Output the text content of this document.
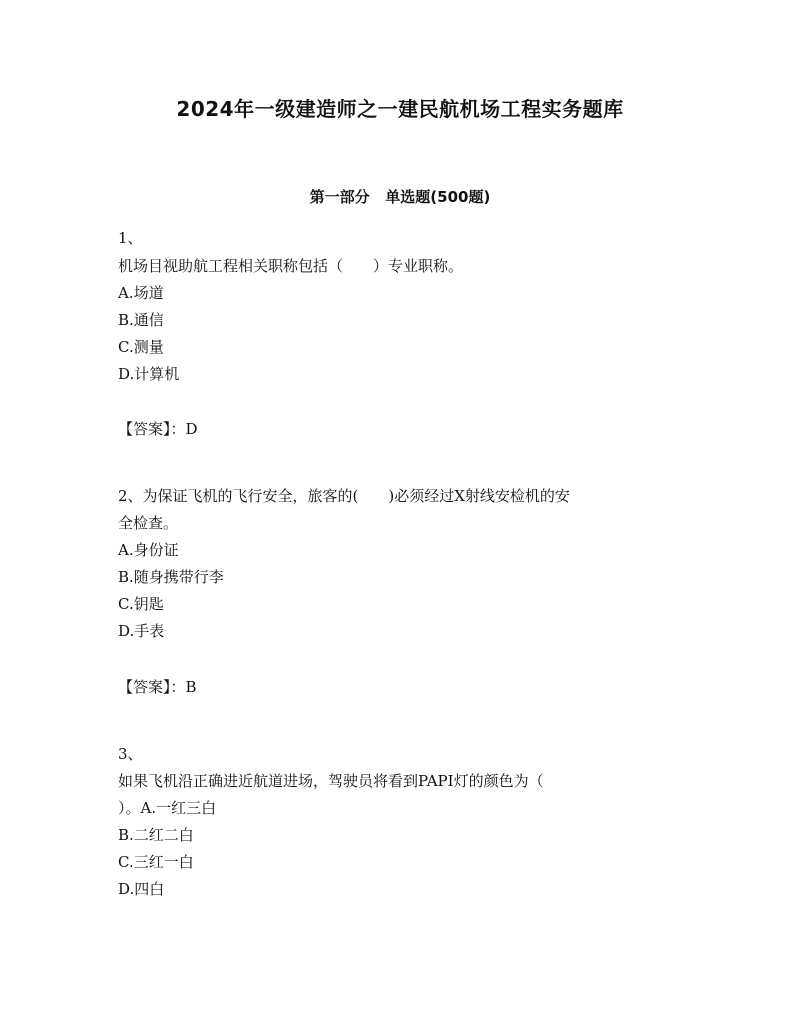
2024年一级建造师之一建民航机场工程实务题库
第一部分   单选题(500题)
1、
机场目视助航工程相关职称包括（　　）专业职称。
A.场道
B.通信
C.测量
D.计算机
【答案】：D
2、为保证飞机的飞行安全，旅客的(　　)必须经过X射线安检机的安
全检查。
A.身份证
B.随身携带行李
C.钥匙
D.手表
【答案】：B
3、
如果飞机沿正确进近航道进场，驾驶员将看到PAPI灯的颜色为（
）。A.一红三白
B.二红二白
C.三红一白
D.四白
